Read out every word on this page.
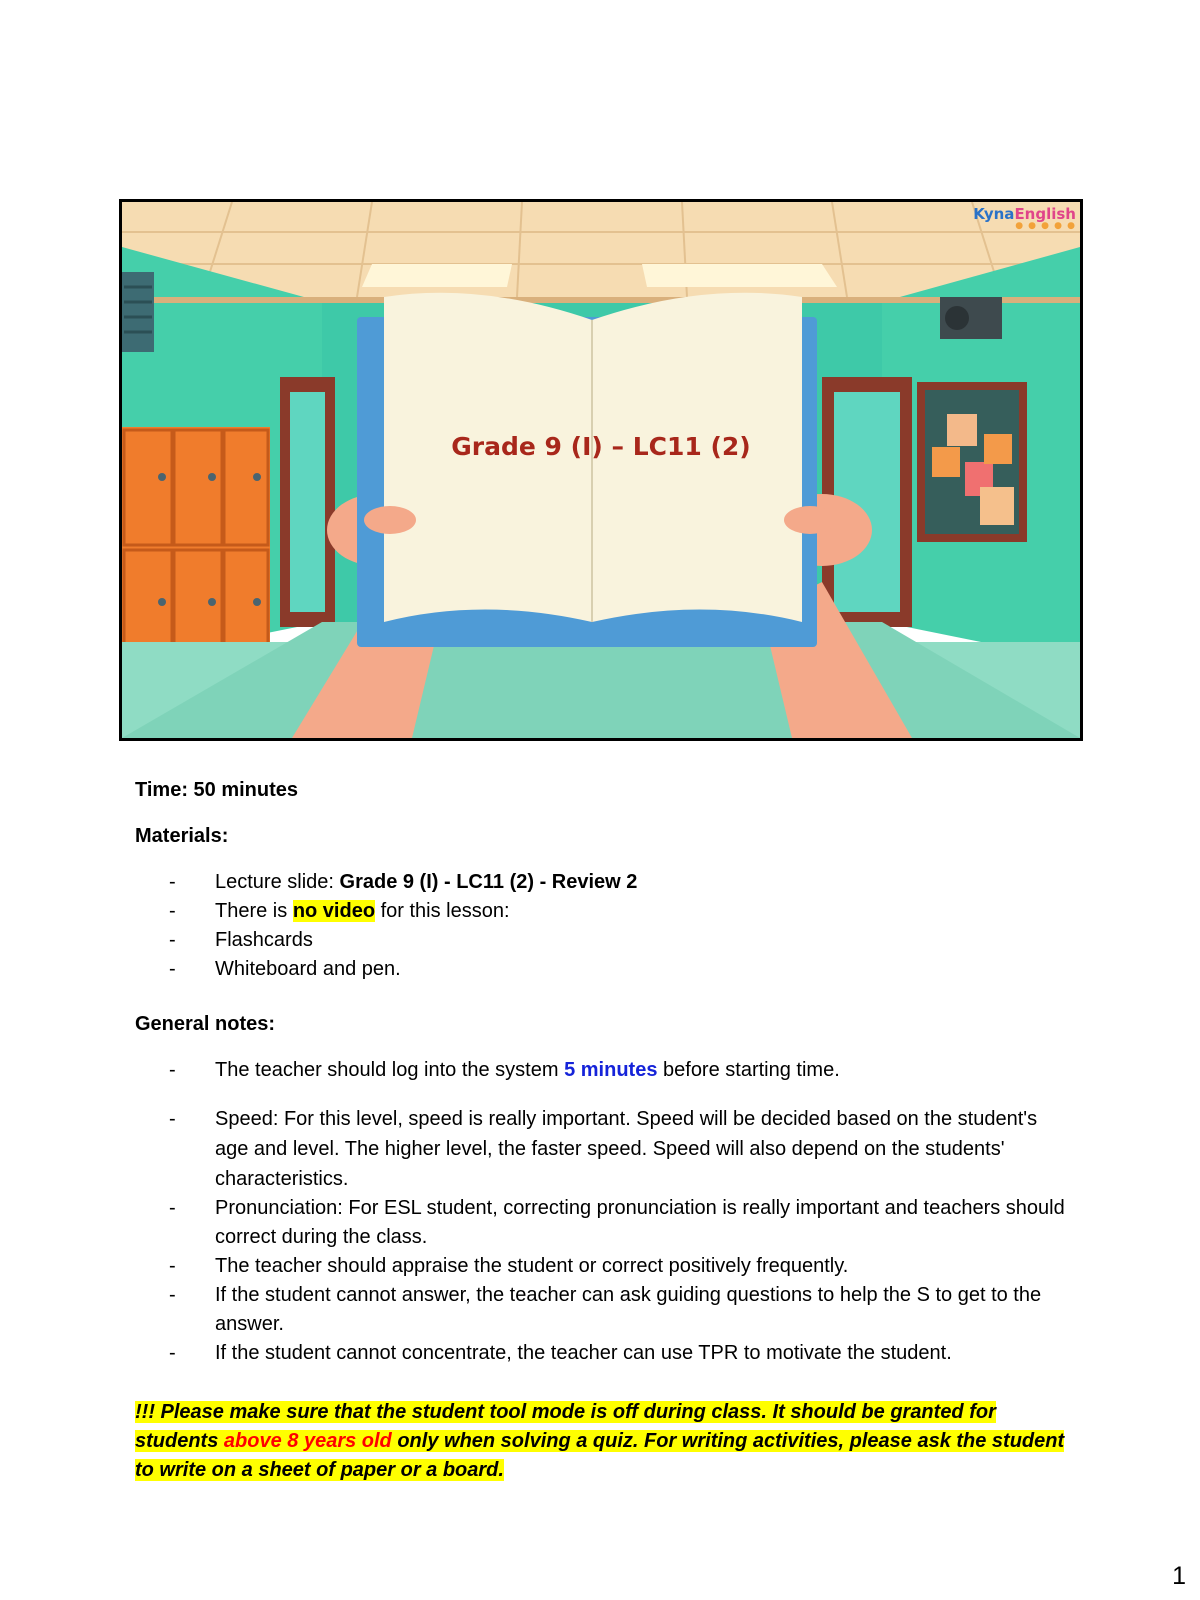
KynaEnglish
● ● ● ● ●
Grade 9 (I) – LC11 (2)
Time: 50 minutes
Materials:
- Lecture slide: Grade 9 (I) - LC11 (2) - Review 2
- There is no video for this lesson:
- Flashcards
- Whiteboard and pen.
General notes:
- The teacher should log into the system 5 minutes before starting time.
- Speed: For this level, speed is really important. Speed will be decided based on the student's age and level. The higher level, the faster speed. Speed will also depend on the students' characteristics.
- Pronunciation: For ESL student, correcting pronunciation is really important and teachers should correct during the class.
- The teacher should appraise the student or correct positively frequently.
- If the student cannot answer, the teacher can ask guiding questions to help the S to get to the answer.
- If the student cannot concentrate, the teacher can use TPR to motivate the student.
!!! Please make sure that the student tool mode is off during class. It should be granted for students above 8 years old only when solving a quiz. For writing activities, please ask the student to write on a sheet of paper or a board.
1
